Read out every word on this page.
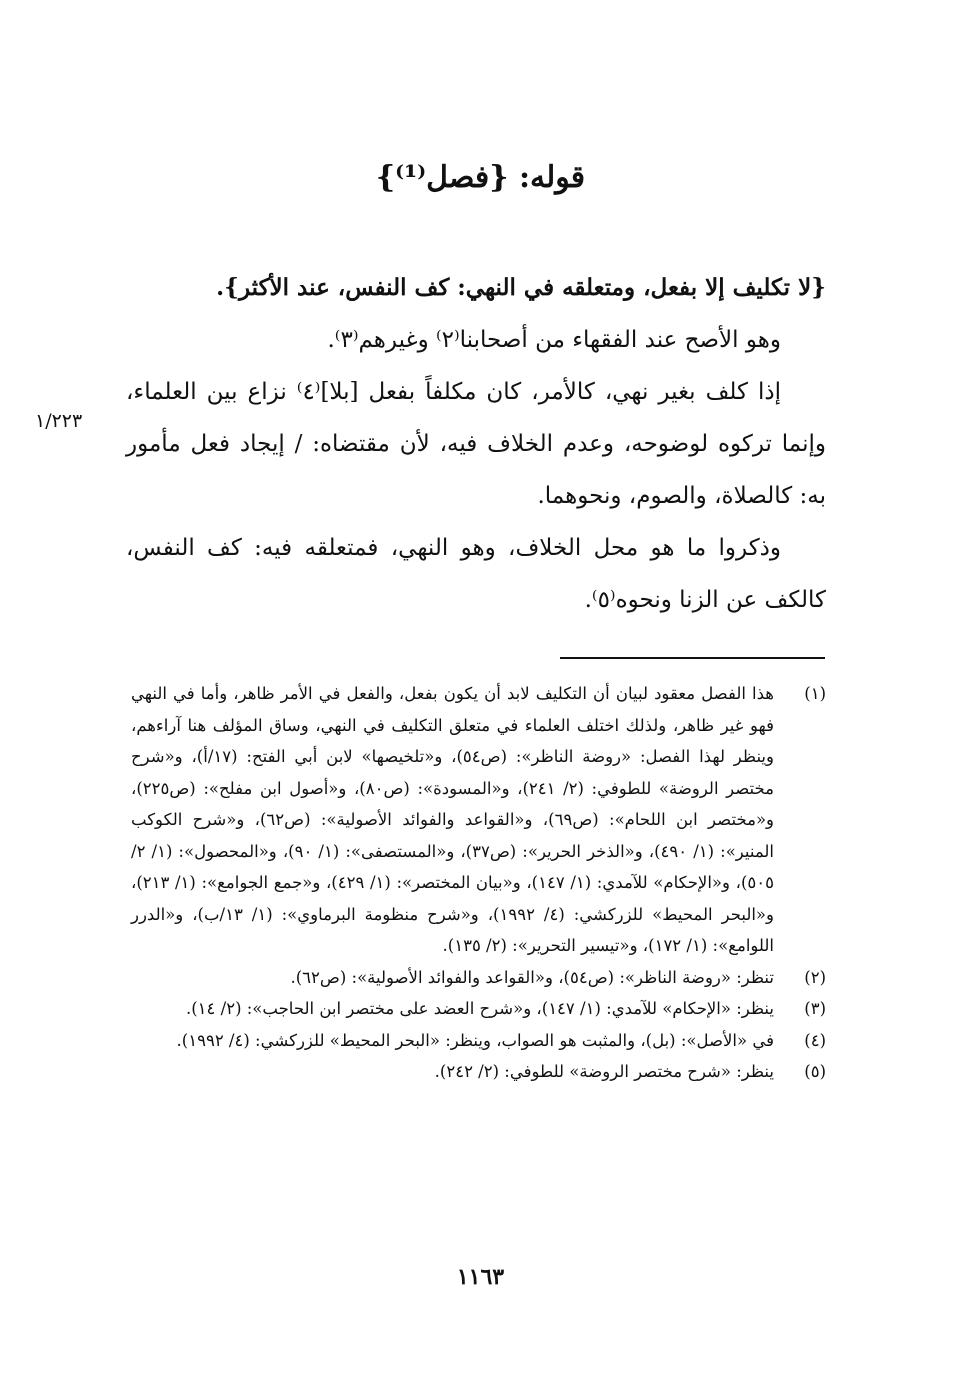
قوله: {فصل⁽¹⁾}

{لا تكليف إلا بفعل، ومتعلقه في النهي: كف النفس، عند الأكثر}.

وهو الأصح عند الفقهاء من أصحابنا⁽٢⁾ وغيرهم⁽٣⁾.

إذا كلف بغير نهي، كالأمر، كان مكلفاً بفعل [بلا]⁽٤⁾ نزاع بين العلماء، وإنما تركوه لوضوحه، وعدم الخلاف فيه، لأن مقتضاه: / إيجاد فعل مأمور به: كالصلاة، والصوم، ونحوهما.

وذكروا ما هو محل الخلاف، وهو النهي، فمتعلقه فيه: كف النفس، كالكف عن الزنا ونحوه⁽٥⁾.

١/٢٢٣
(١)
هذا الفصل معقود لبيان أن التكليف لابد أن يكون بفعل، والفعل في الأمر ظاهر، وأما في النهي فهو غير ظاهر، ولذلك اختلف العلماء في متعلق التكليف في النهي، وساق المؤلف هنا آراءهم، وينظر لهذا الفصل: «روضة الناظر»: (ص٥٤)، و«تلخيصها» لابن أبي الفتح: (١٧/أ)، و«شرح مختصر الروضة» للطوفي: (٢/ ٢٤١)، و«المسودة»: (ص٨٠)، و«أصول ابن مفلح»: (ص٢٢٥)، و«مختصر ابن اللحام»: (ص٦٩)، و«القواعد والفوائد الأصولية»: (ص٦٢)، و«شرح الكوكب المنير»: (١/ ٤٩٠)، و«الذخر الحرير»: (ص٣٧)، و«المستصفى»: (١/ ٩٠)، و«المحصول»: (١/ ٢/ ٥٠٥)، و«الإحكام» للآمدي: (١/ ١٤٧)، و«بيان المختصر»: (١/ ٤٢٩)، و«جمع الجوامع»: (١/ ٢١٣)، و«البحر المحيط» للزركشي: (٤/ ١٩٩٢)، و«شرح منظومة البرماوي»: (١/ ١٣/ب)، و«الدرر اللوامع»: (١/ ١٧٢)، و«تيسير التحرير»: (٢/ ١٣٥).
(٢)
تنظر: «روضة الناظر»: (ص٥٤)، و«القواعد والفوائد الأصولية»: (ص٦٢).
(٣)
ينظر: «الإحكام» للآمدي: (١/ ١٤٧)، و«شرح العضد على مختصر ابن الحاجب»: (٢/ ١٤).
(٤)
في «الأصل»: (بل)، والمثبت هو الصواب، وينظر: «البحر المحيط» للزركشي: (٤/ ١٩٩٢).
(٥)
ينظر: «شرح مختصر الروضة» للطوفي: (٢/ ٢٤٢).
١١٦٣
